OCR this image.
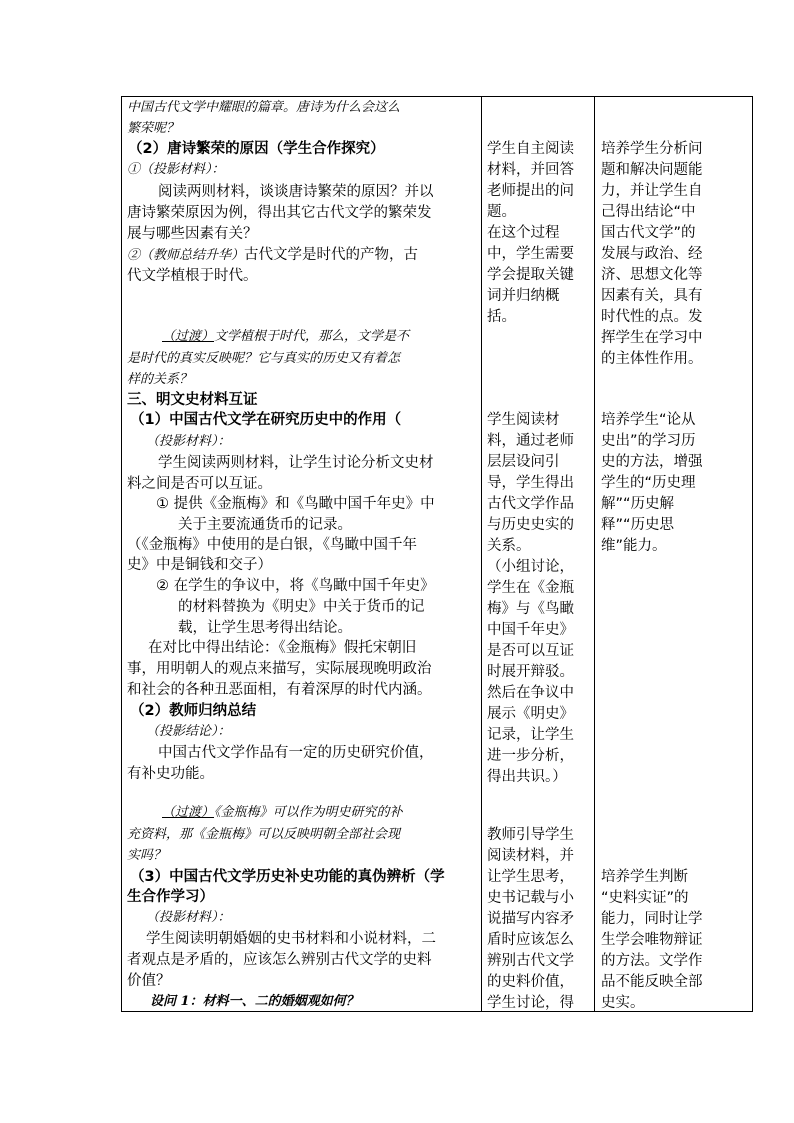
中国古代文学中耀眼的篇章。唐诗为什么会这么
繁荣呢？
（2）唐诗繁荣的原因（学生合作探究）
①（投影材料）：
阅读两则材料，谈谈唐诗繁荣的原因？并以
唐诗繁荣原因为例，得出其它古代文学的繁荣发
展与哪些因素有关？
②（教师总结升华）古代文学是时代的产物，古
代文学植根于时代。
（过渡）文学植根于时代，那么，文学是不
是时代的真实反映呢？它与真实的历史又有着怎
样的关系？
三、明文史材料互证
（1）中国古代文学在研究历史中的作用（
（投影材料）：
学生阅读两则材料，让学生讨论分析文史材
料之间是否可以互证。
① 提供《金瓶梅》和《鸟瞰中国千年史》中
关于主要流通货币的记录。
（《金瓶梅》中使用的是白银，《鸟瞰中国千年
史》中是铜钱和交子）
② 在学生的争议中，将《鸟瞰中国千年史》
的材料替换为《明史》中关于货币的记
载，让学生思考得出结论。
在对比中得出结论：《金瓶梅》假托宋朝旧
事，用明朝人的观点来描写，实际展现晚明政治
和社会的各种丑恶面相，有着深厚的时代内涵。
（2）教师归纳总结
（投影结论）：
中国古代文学作品有一定的历史研究价值，
有补史功能。
（过渡）《金瓶梅》可以作为明史研究的补
充资料，那《金瓶梅》可以反映明朝全部社会现
实吗？
（3）中国古代文学历史补史功能的真伪辨析（学
生合作学习）
（投影材料）：
学生阅读明朝婚姻的史书材料和小说材料，二
者观点是矛盾的，应该怎么辨别古代文学的史料
价值？
设问 1：材料一、二的婚姻观如何？
学生自主阅读
材料，并回答
老师提出的问
题。
在这个过程
中，学生需要
学会提取关键
词并归纳概
括。
学生阅读材
料，通过老师
层层设问引
导，学生得出
古代文学作品
与历史史实的
关系。
（小组讨论，
学生在《金瓶
梅》与《鸟瞰
中国千年史》
是否可以互证
时展开辩驳。
然后在争议中
展示《明史》
记录，让学生
进一步分析，
得出共识。）
教师引导学生
阅读材料，并
让学生思考，
史书记载与小
说描写内容矛
盾时应该怎么
辨别古代文学
的史料价值，
学生讨论，得
培养学生分析问
题和解决问题能
力，并让学生自
己得出结论“中
国古代文学”的
发展与政治、经
济、思想文化等
因素有关，具有
时代性的点。发
挥学生在学习中
的主体性作用。
培养学生“论从
史出”的学习历
史的方法，增强
学生的“历史理
解”“历史解
释”“历史思
维”能力。
培养学生判断
“史料实证”的
能力，同时让学
生学会唯物辩证
的方法。文学作
品不能反映全部
史实。
